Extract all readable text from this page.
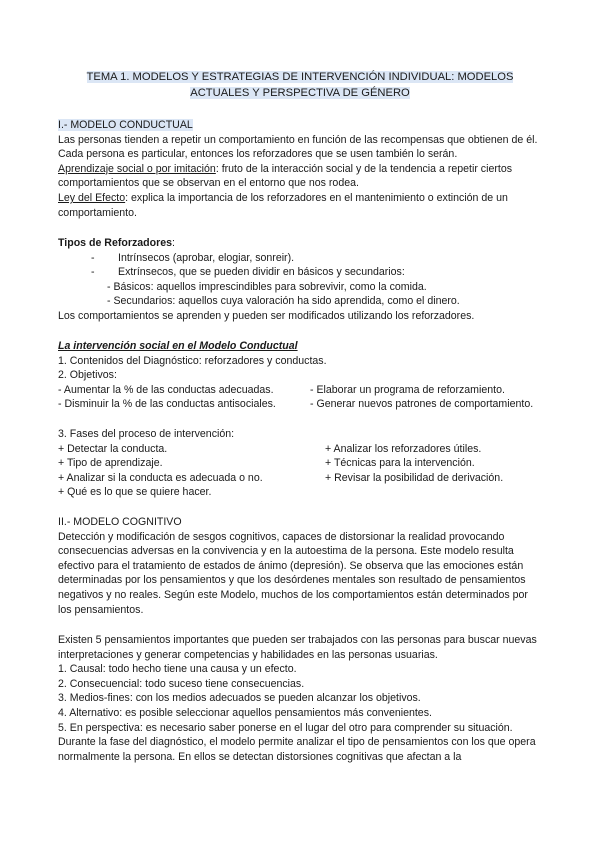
TEMA 1. MODELOS Y ESTRATEGIAS DE INTERVENCIÓN INDIVIDUAL: MODELOS ACTUALES Y PERSPECTIVA DE GÉNERO

I.- MODELO CONDUCTUAL

Las personas tienden a repetir un comportamiento en función de las recompensas que obtienen de él. Cada persona es particular, entonces los reforzadores que se usen también lo serán.

Aprendizaje social o por imitación: fruto de la interacción social y de la tendencia a repetir ciertos comportamientos que se observan en el entorno que nos rodea.

Ley del Efecto: explica la importancia de los reforzadores en el mantenimiento o extinción de un comportamiento.

Tipos de Reforzadores:

-	Intrínsecos (aprobar, elogiar, sonreir).

-	Extrínsecos, que se pueden dividir en básicos y secundarios:

- Básicos: aquellos imprescindibles para sobrevivir, como la comida.

- Secundarios: aquellos cuya valoración ha sido aprendida, como el dinero.

Los comportamientos se aprenden y pueden ser modificados utilizando los reforzadores.

La intervención social en el Modelo Conductual

1. Contenidos del Diagnóstico: reforzadores y conductas.

2. Objetivos:

- Aumentar la % de las conductas adecuadas.	- Elaborar un programa de reforzamiento.
- Disminuir la % de las conductas antisociales.	- Generar nuevos patrones de comportamiento.

3. Fases del proceso de intervención:

+ Detectar la conducta.	+ Analizar los reforzadores útiles.
+ Tipo de aprendizaje.	+ Técnicas para la intervención.
+ Analizar si la conducta es adecuada o no.	+ Revisar la posibilidad de derivación.
+ Qué es lo que se quiere hacer.

II.- MODELO COGNITIVO

Detección y modificación de sesgos cognitivos, capaces de distorsionar la realidad provocando consecuencias adversas en la convivencia y en la autoestima de la persona. Este modelo resulta efectivo para el tratamiento de estados de ánimo (depresión). Se observa que las emociones están determinadas por los pensamientos y que los desórdenes mentales son resultado de pensamientos negativos y no reales. Según este Modelo, muchos de los comportamientos están determinados por los pensamientos.

Existen 5 pensamientos importantes que pueden ser trabajados con las personas para buscar nuevas interpretaciones y generar competencias y habilidades en las personas usuarias.

1. Causal: todo hecho tiene una causa y un efecto.

2. Consecuencial: todo suceso tiene consecuencias.

3. Medios-fines: con los medios adecuados se pueden alcanzar los objetivos.

4. Alternativo: es posible seleccionar aquellos pensamientos más convenientes.

5. En perspectiva: es necesario saber ponerse en el lugar del otro para comprender su situación.

Durante la fase del diagnóstico, el modelo permite analizar el tipo de pensamientos con los que opera normalmente la persona. En ellos se detectan distorsiones cognitivas que afectan a la
